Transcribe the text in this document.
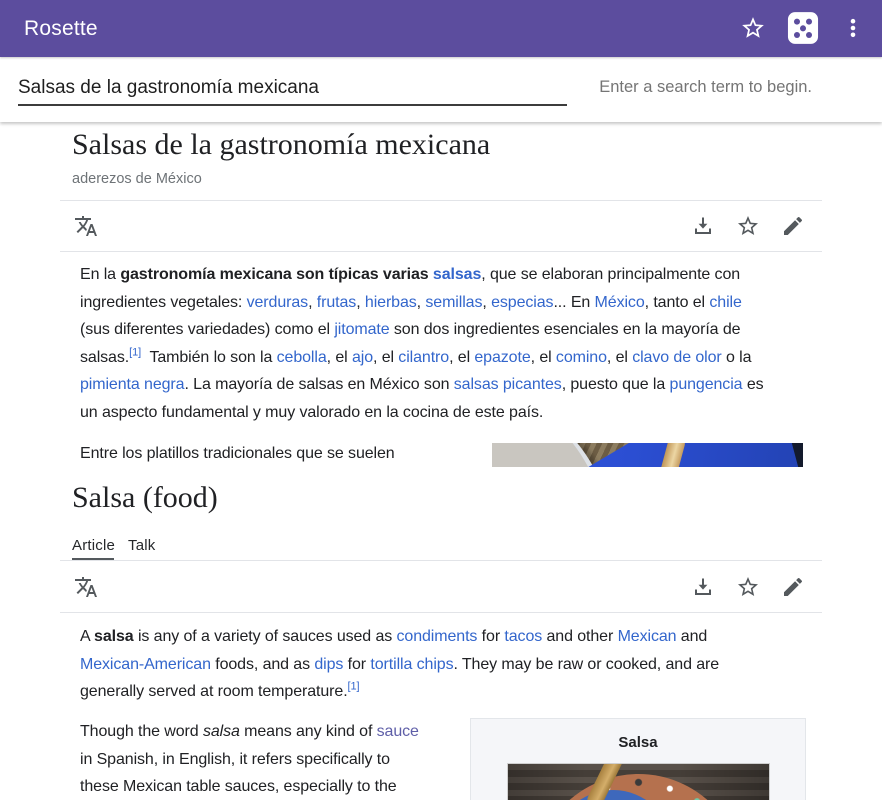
Rosette
Salsas de la gastronomía mexicana
Enter a search term to begin.
Salsas de la gastronomía mexicana
aderezos de México
En la gastronomía mexicana son típicas varias salsas, que se elaboran principalmente con
ingredientes vegetales: verduras, frutas, hierbas, semillas, especias... En México, tanto el chile
(sus diferentes variedades) como el jitomate son dos ingredientes esenciales en la mayoría de
salsas.[1]  También lo son la cebolla, el ajo, el cilantro, el epazote, el comino, el clavo de olor o la
pimienta negra. La mayoría de salsas en México son salsas picantes, puesto que la pungencia es
un aspecto fundamental y muy valorado en la cocina de este país.
Entre los platillos tradicionales que se suelen
Salsa (food)
Article Talk
A salsa is any of a variety of sauces used as condiments for tacos and other Mexican and
Mexican-American foods, and as dips for tortilla chips. They may be raw or cooked, and are
generally served at room temperature.[1]
Though the word salsa means any kind of sauce
in Spanish, in English, it refers specifically to
these Mexican table sauces, especially to the
Salsa
